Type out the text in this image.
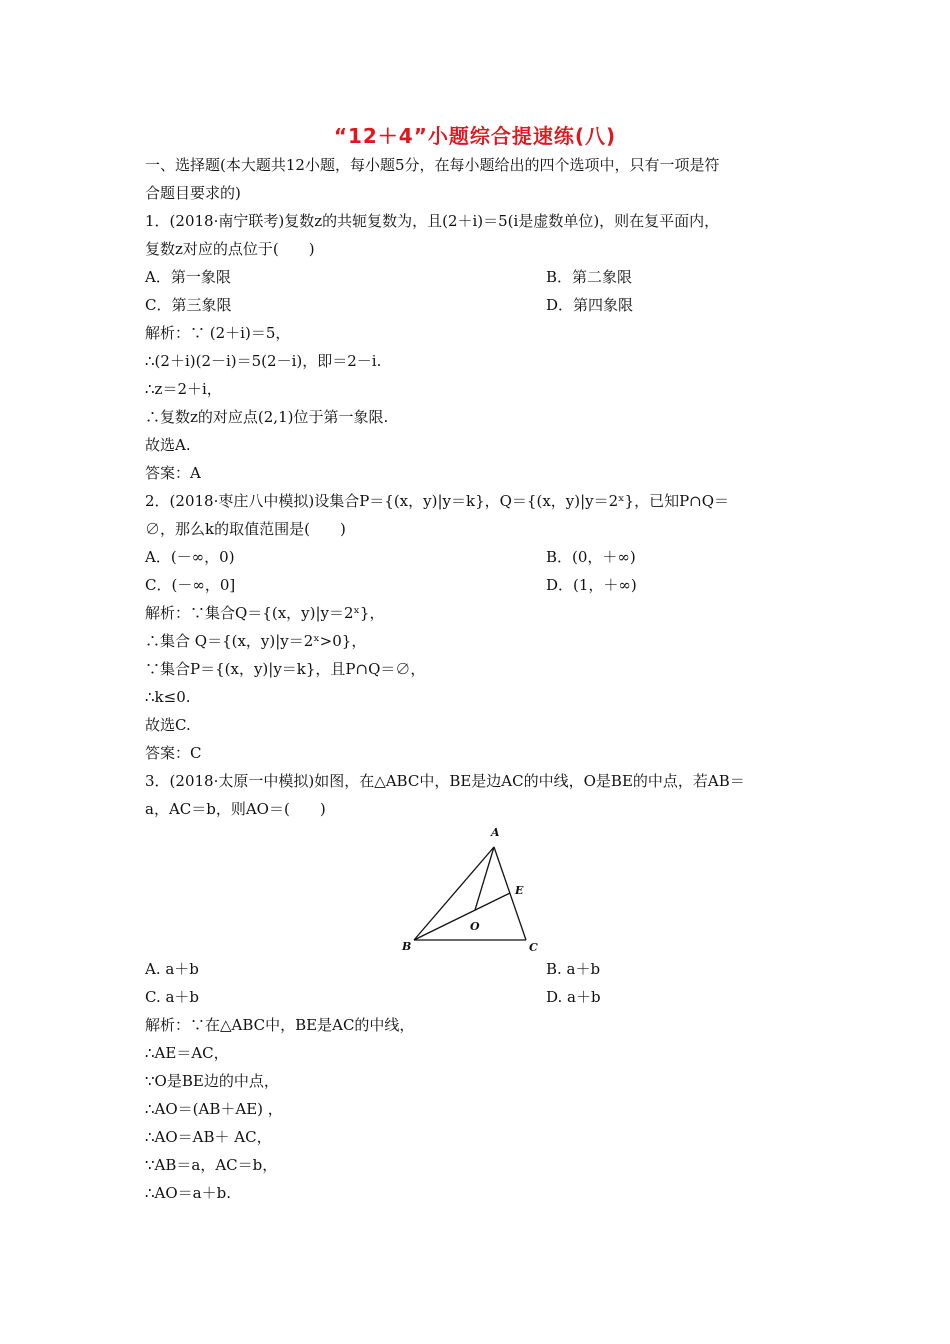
“12＋4”小题综合提速练(八)
一、选择题(本大题共12小题，每小题5分，在每小题给出的四个选项中，只有一项是符
合题目要求的)
1．(2018·南宁联考)复数z的共轭复数为，且(2＋i)＝5(i是虚数单位)，则在复平面内，
复数z对应的点位于(　　)
A．第一象限	B．第二象限
C．第三象限	D．第四象限
解析：∵ (2＋i)＝5，
∴(2＋i)(2－i)＝5(2－i)，即＝2－i.
∴z＝2＋i，
∴复数z的对应点(2,1)位于第一象限.
故选A.
答案：A
2．(2018·枣庄八中模拟)设集合P＝{(x，y)|y＝k}，Q＝{(x，y)|y＝2ˣ}，已知P∩Q＝
∅，那么k的取值范围是(　　)
A．(－∞，0)	B．(0，＋∞)
C．(－∞，0]	D．(1，＋∞)
解析：∵集合Q＝{(x，y)|y＝2ˣ}，
∴集合 Q＝{(x，y)|y＝2ˣ>0}，
∵集合P＝{(x，y)|y＝k}，且P∩Q＝∅，
∴k≤0.
故选C.
答案：C
3．(2018·太原一中模拟)如图，在△ABC中，BE是边AC的中线，O是BE的中点，若AB＝
a，AC＝b，则AO＝(　　)
A
B	C
E
O
A. a＋b	B. a＋b
C. a＋b	D. a＋b
解析：∵在△ABC中，BE是AC的中线，
∴AE＝AC，
∵O是BE边的中点，
∴AO＝(AB＋AE) ，
∴AO＝AB＋ AC，
∵AB＝a，AC＝b，
∴AO＝a＋b.
